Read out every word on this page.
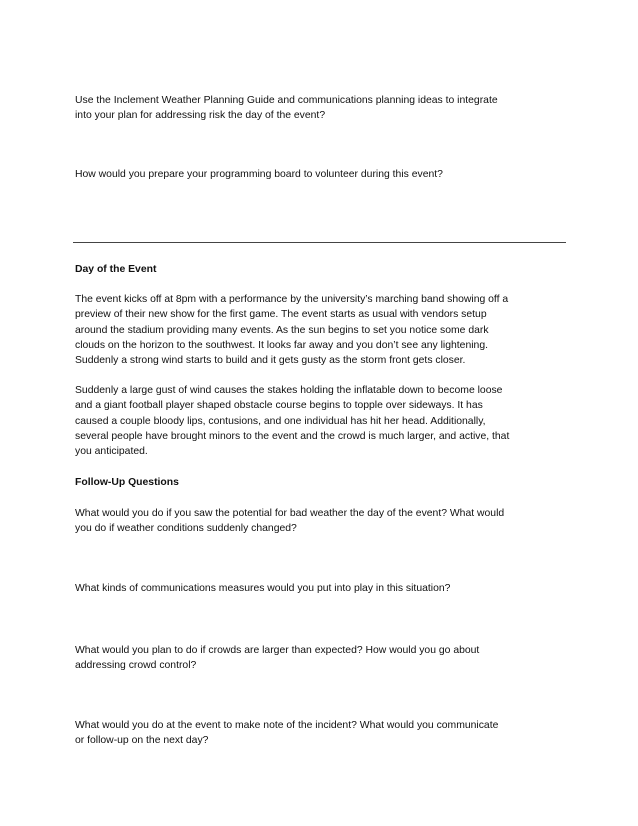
Use the Inclement Weather Planning Guide and communications planning ideas to integrate
into your plan for addressing risk the day of the event?

How would you prepare your programming board to volunteer during this event?

Day of the Event

The event kicks off at 8pm with a performance by the university’s marching band showing off a
preview of their new show for the first game. The event starts as usual with vendors setup
around the stadium providing many events. As the sun begins to set you notice some dark
clouds on the horizon to the southwest. It looks far away and you don’t see any lightening.
Suddenly a strong wind starts to build and it gets gusty as the storm front gets closer.

Suddenly a large gust of wind causes the stakes holding the inflatable down to become loose
and a giant football player shaped obstacle course begins to topple over sideways. It has
caused a couple bloody lips, contusions, and one individual has hit her head. Additionally,
several people have brought minors to the event and the crowd is much larger, and active, that
you anticipated.

Follow-Up Questions

What would you do if you saw the potential for bad weather the day of the event? What would
you do if weather conditions suddenly changed?

What kinds of communications measures would you put into play in this situation?

What would you plan to do if crowds are larger than expected? How would you go about
addressing crowd control?

What would you do at the event to make note of the incident? What would you communicate
or follow-up on the next day?
